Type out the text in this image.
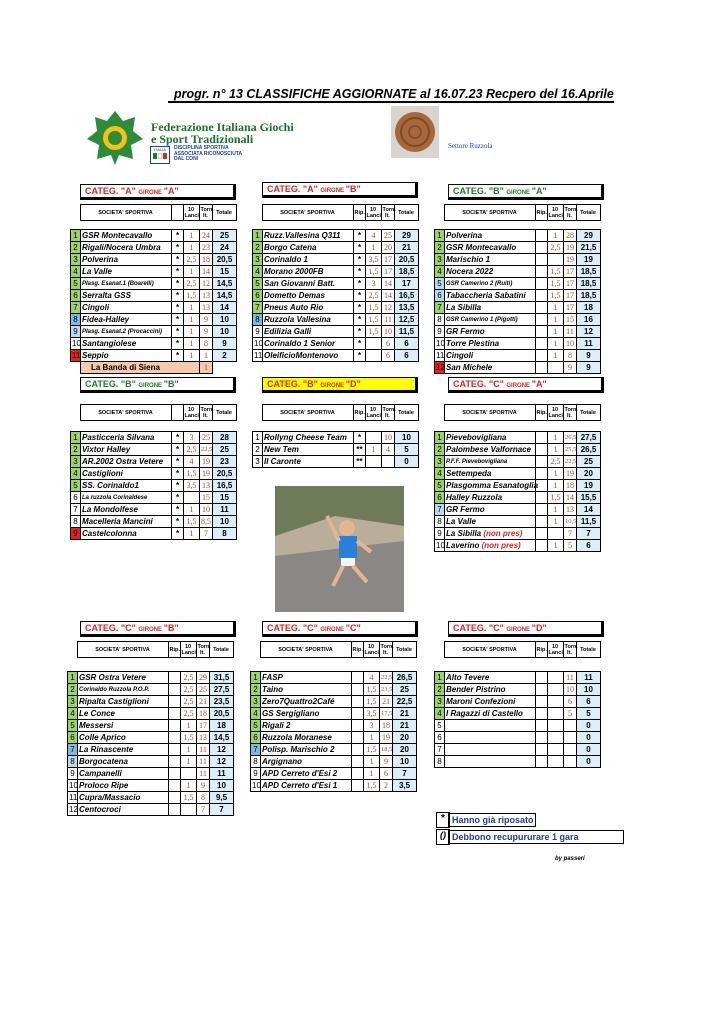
progr. n° 13 CLASSIFICHE AGGIORNATE al 16.07.23 Recpero del 16.Aprile
Federazione Italiana Giochi
e Sport Tradizionali
ITALIA	DISCIPLINA SPORTIVA
ASSOCIATA RICONOSCIUTA
DAL CONI
Settore Ruzzola
CATEG. "A" GIRONE "A"
	SOCIETA' SPORTIVA		10 Lanci	Torn. It.	Totale
1	GSR Montecavallo	*	1	24	25
2	Rigali/Nocera Umbra	*	1	23	24
3	Polverina	*	2,5	18	20,5
4	La Valle	*	1	14	15
5	Plasg. Esanat.1 (Boarelli)	*	2,5	12	14,5
6	Serralta GSS	*	1,5	13	14,5
7	Cingoli	*	1	13	14
8	Fidea-Halley	*	1	9	10
9	Plasg. Esanat.2 (Procaccini)	*	1	9	10
10	Santangiolese	*	1	8	9
11	Seppio	*	1	1	2
	La Banda di Siena			1	
CATEG. "A" GIRONE "B"
	SOCIETA' SPORTIVA	Rip.	10 Lanci	Torn. It.	Totale
1	Ruzz.Vallesina Q311	*	4	25	29
2	Borgo Catena	*	1	20	21
3	Corinaldo 1	*	3,5	17	20,5
4	Morano 2000FB	*	1,5	17	18,5
5	San Giovanni Batt.	*	3	14	17
6	Dometto Demas	*	2,5	14	16,5
7	Pneus Auto Rio	*	1,5	12	13,5
8	Ruzzola Vallesina	*	1,5	11	12,5
9	Edilizia Galli	*	1,5	10	11,5
10	Corinaldo 1 Senior	*		6	6
11	OleificioMontenovo	*		6	6
CATEG. "B" GIRONE "A"
	SOCIETA' SPORTIVA	Rip.	10 Lanci	Torn. It.	Totale
1	Polverina		1	28	29
2	GSR Montecavallo		2,5	19	21,5
3	Marischio 1			19	19
4	Nocera 2022		1,5	17	18,5
5	GSR Camerino 2 (Ruiti)		1,5	17	18,5
6	Tabaccheria Sabatini		1,5	17	18,5
7	La Sibilla		1	17	18
8	GSR Camerino 1 (Pigotti)		1	15	16
9	GR Fermo		1	11	12
10	Torre Plestina		1	10	11
11	Cingoli		1	8	9
12	San Michele			9	9
CATEG. "B" GIRONE "B"
	SOCIETA' SPORTIVA		10 Lanci	Torn. It.	Totale
1	Pasticceria Silvana	*	3	25	28
2	Vixtor Halley	*	2,5	22,5	25
3	AR.2002 Ostra Vetere	*	4	19	23
4	Castiglioni	*	1,5	19	20,5
5	SS. Corinaldo1	*	3,5	13	16,5
6	La ruzzola Corinaldese	*		15	15
7	La Mondolfese	*	1	10	11
8	Macelleria Mancini	*	1,5	8,5	10
9	Castelcolonna	*	1	7	8
CATEG. "B" GIRONE "D"
	SOCIETA' SPORTIVA	Rip.	10 Lanci	Torn. It.	Totale
1	Rollyng Cheese Team	*		10	10
2	New Tem	**	1	4	5
3	Il Caronte	**			0
CATEG. "C" GIRONE "A"
	SOCIETA' SPORTIVA	Rip.	10 Lanci	Torn. It.	Totale
1	Pievebovigliana		1	26,5	27,5
2	Palombese Valfornace		1	25,5	26,5
3	P.F.F. Pievebovigliana		2,5	22,5	25
4	Settempeda		1	19	20
5	Plasgomma Esanatoglia		1	18	19
6	Halley Ruzzola		1,5	14	15,5
7	GR Fermo		1	13	14
8	La Valle		1	10,5	11,5
9	La Sibilla (non pres)			7	7
10	Laverino (non pres)		1	5	6
CATEG. "C" GIRONE "B"
	SOCIETA' SPORTIVA	Rip.	10 Lanci	Torn. It.	Totale
1	GSR Ostra Vetere		2,5	29	31,5
2	Corinaldo Ruzzola P.O.P.		2,5	25	27,5
3	Ripalta Castiglioni		2,5	21	23,5
4	Le Conce		2,5	18	20,5
5	Messersi		1	17	18
6	Colle Aprico		1,5	13	14,5
7	La Rinascente		1	11	12
8	Borgocatena		1	11	12
9	Campanelli			11	11
10	Proloco Ripe		1	9	10
11	Cupra/Massacio		1,5	8	9,5
12	Centocroci			7	7
CATEG. "C" GIRONE "C"
	SOCIETA' SPORTIVA	Rip.	10 Lanci	Torn. It.	Totale
1	FASP		4	22,5	26,5
2	Taino		1,5	23,5	25
3	Zero7Quattro2Café		1,5	21	22,5
4	GS Sergigliano		3,5	17,5	21
5	Rigali 2		3	18	21
6	Ruzzola Moranese		1	19	20
7	Polisp. Marischio 2		1,5	18,5	20
8	Argignano		1	9	10
9	APD Cerreto d'Esi 2		1	6	7
10	APD Cerreto d'Esi 1		1,5	2	3,5
CATEG. "C" GIRONE "D"
	SOCIETA' SPORTIVA	Rip.	10 Lanci	Torn. It.	Totale
1	Alto Tevere			11	11
2	Bender Pistrino			10	10
3	Maroni Confezioni			6	6
4	I Ragazzi di Castello			5	5
5					0
6					0
7					0
8					0
* Hanno già riposato
() Debbono recupururare 1 gara
by passeri
